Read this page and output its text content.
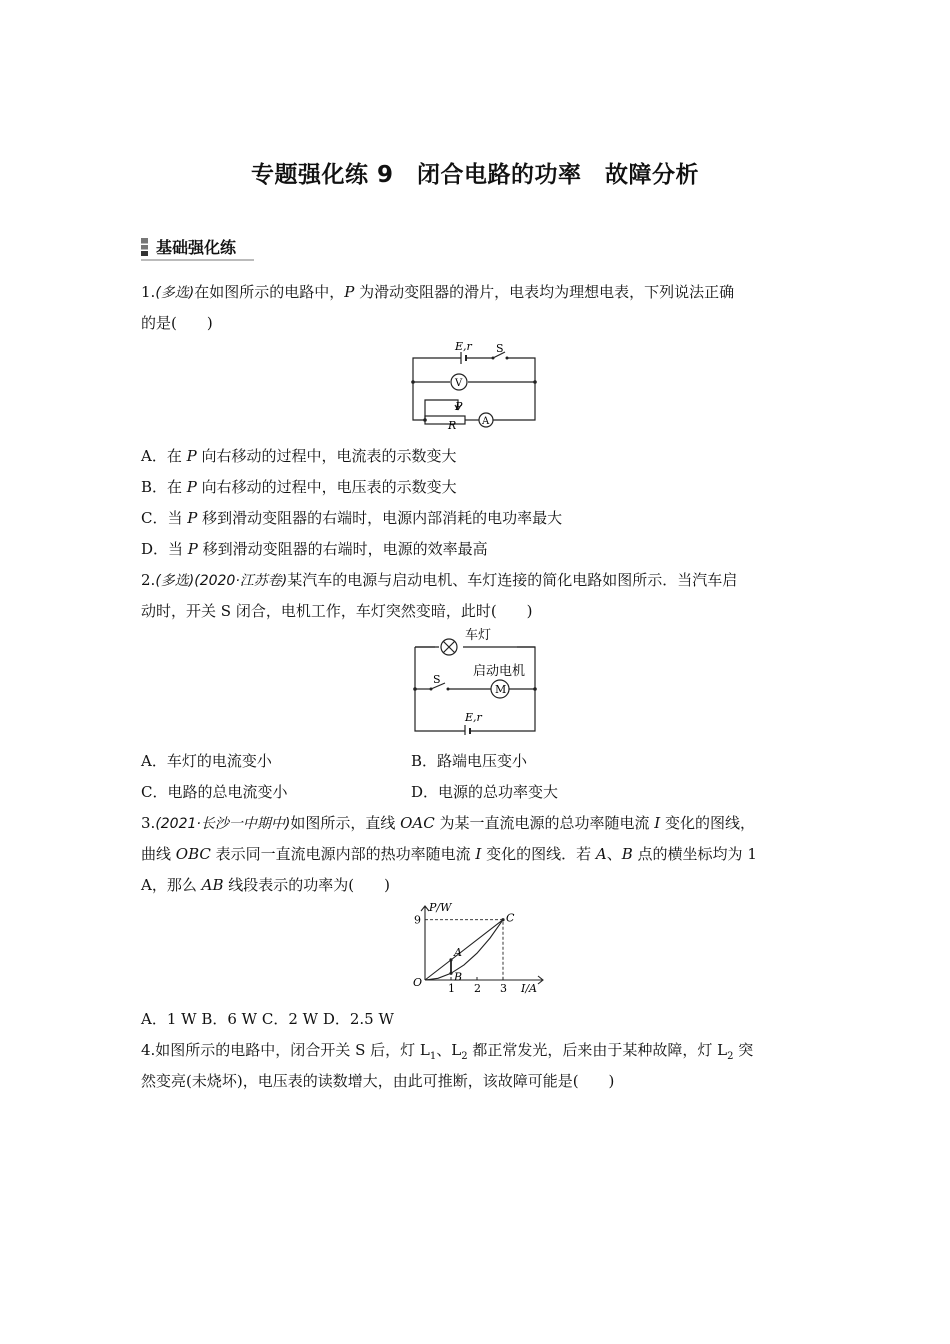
专题强化练 9　闭合电路的功率　故障分析
基础强化练
1.(多选)在如图所示的电路中，P 为滑动变阻器的滑片，电表均为理想电表，下列说法正确
的是(　　)
E,r S
V
A
P
R
A．在 P 向右移动的过程中，电流表的示数变大
B．在 P 向右移动的过程中，电压表的示数变大
C．当 P 移到滑动变阻器的右端时，电源内部消耗的电功率最大
D．当 P 移到滑动变阻器的右端时，电源的效率最高
2.(多选)(2020·江苏卷)某汽车的电源与启动电机、车灯连接的简化电路如图所示．当汽车启
动时，开关 S 闭合，电机工作，车灯突然变暗，此时(　　)
车灯
启动电机
M
S
E,r
A．车灯的电流变小	B．路端电压变小
C．电路的总电流变小	D．电源的总功率变大
3.(2021·长沙一中期中)如图所示，直线 OAC 为某一直流电源的总功率随电流 I 变化的图线，
曲线 OBC 表示同一直流电源内部的热功率随电流 I 变化的图线．若 A、B 点的横坐标均为 1
A，那么 AB 线段表示的功率为(　　)
A
B
C
1 2 3
9
O	I/A
P/W
A．1 W B．6 W C．2 W D．2.5 W
4.如图所示的电路中，闭合开关 S 后，灯 $L_1$、$L_2$ 都正常发光，后来由于某种故障，灯 $L_2$ 突
然变亮(未烧坏)，电压表的读数增大，由此可推断，该故障可能是(　　)
